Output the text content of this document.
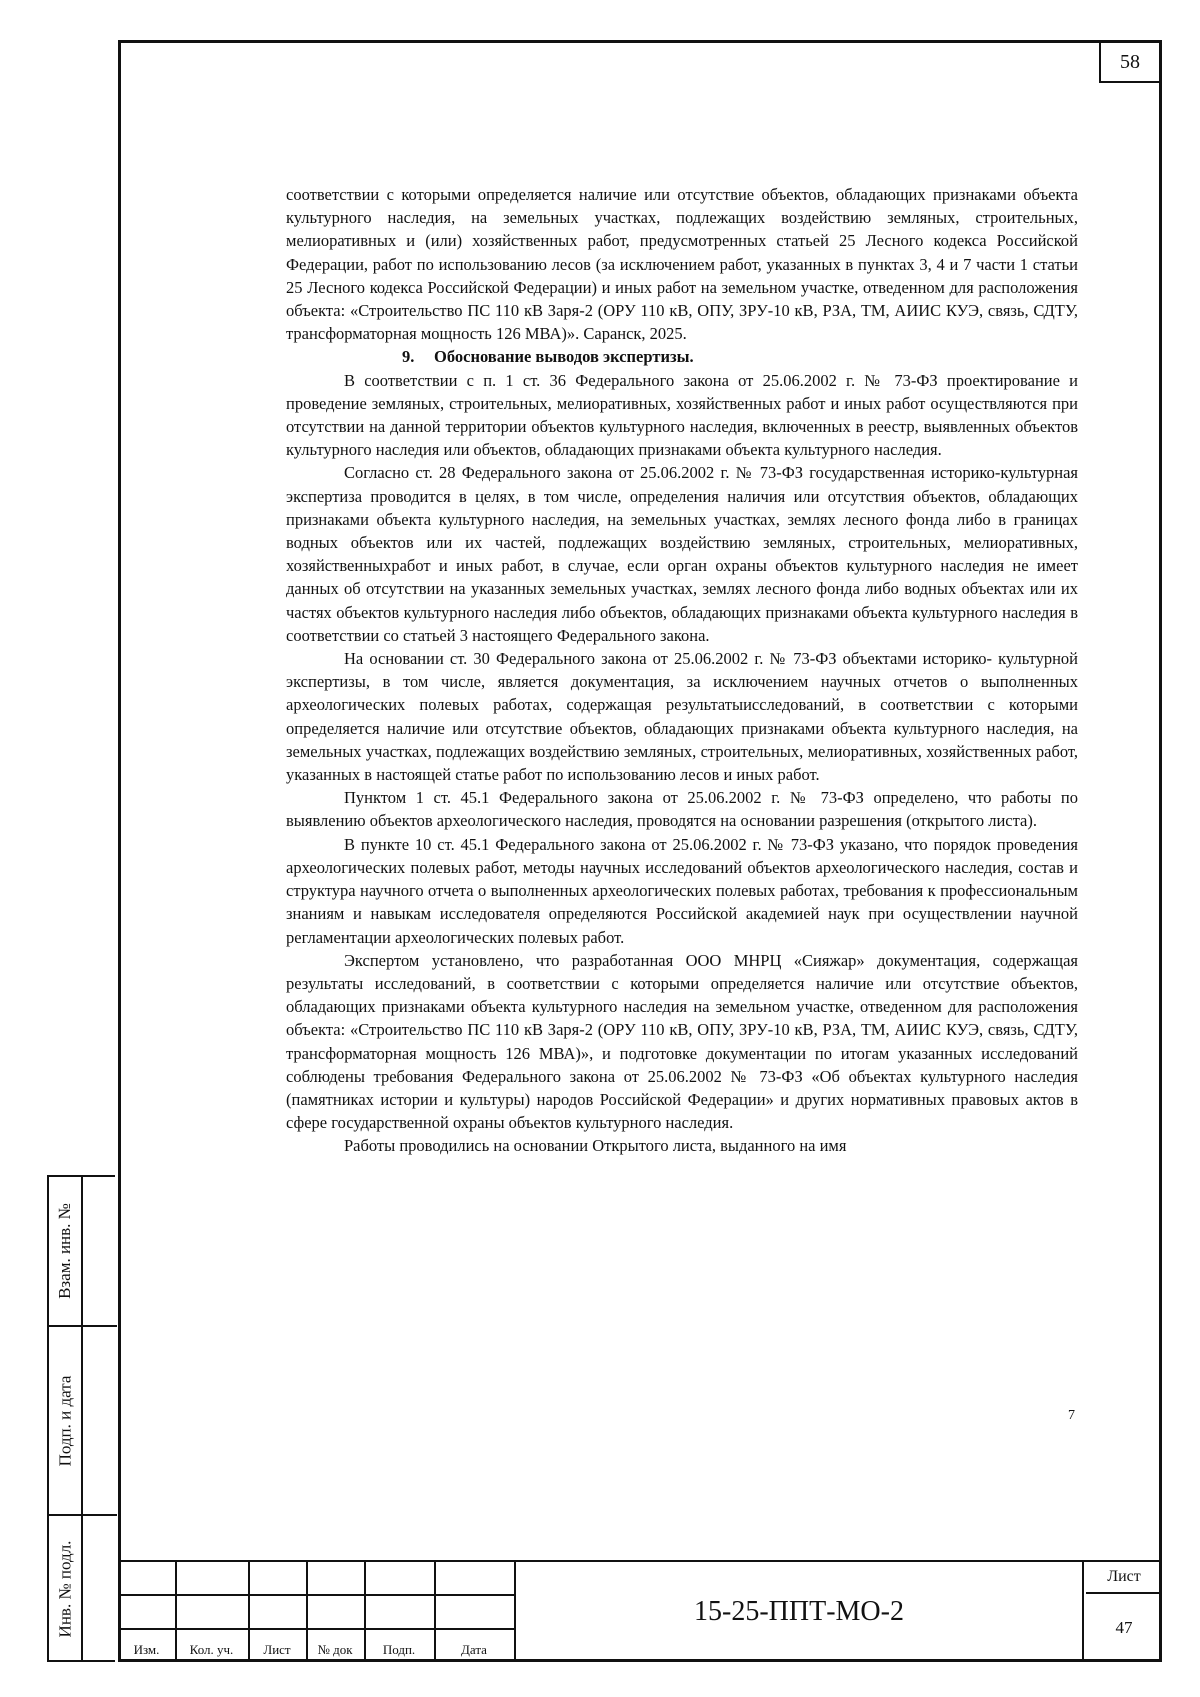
58

соответствии с которыми определяется наличие или отсутствие объектов, обладающих признаками объекта культурного наследия, на земельных участках, подлежащих воздействию земляных, строительных, мелиоративных и (или) хозяйственных работ, предусмотренных статьей 25 Лесного кодекса Российской Федерации, работ по использованию лесов (за исключением работ, указанных в пунктах 3, 4 и 7 части 1 статьи 25 Лесного кодекса Российской Федерации) и иных работ на земельном участке, отведенном для расположения объекта: «Строительство ПС 110 кВ Заря-2 (ОРУ 110 кВ, ОПУ, ЗРУ-10 кВ, РЗА, ТМ, АИИС КУЭ, связь, СДТУ, трансформаторная мощность 126 МВА)». Саранск, 2025.

9. Обоснование выводов экспертизы.

В соответствии с п. 1 ст. 36 Федерального закона от 25.06.2002 г. № 73-ФЗ проектирование и проведение земляных, строительных, мелиоративных, хозяйственных работ и иных работ осуществляются при отсутствии на данной территории объектов культурного наследия, включенных в реестр, выявленных объектов культурного наследия или объектов, обладающих признаками объекта культурного наследия.

Согласно ст. 28 Федерального закона от 25.06.2002 г. № 73-ФЗ государственная историко-культурная экспертиза проводится в целях, в том числе, определения наличия или отсутствия объектов, обладающих признаками объекта культурного наследия, на земельных участках, землях лесного фонда либо в границах водных объектов или их частей, подлежащих воздействию земляных, строительных, мелиоративных, хозяйственныхработ и иных работ, в случае, если орган охраны объектов культурного наследия не имеет данных об отсутствии на указанных земельных участках, землях лесного фонда либо водных объектах или их частях объектов культурного наследия либо объектов, обладающих признаками объекта культурного наследия в соответствии со статьей 3 настоящего Федерального закона.

На основании ст. 30 Федерального закона от 25.06.2002 г. № 73-ФЗ объектами историко- культурной экспертизы, в том числе, является документация, за исключением научных отчетов о выполненных археологических полевых работах, содержащая результатыисследований, в соответствии с которыми определяется наличие или отсутствие объектов, обладающих признаками объекта культурного наследия, на земельных участках, подлежащих воздействию земляных, строительных, мелиоративных, хозяйственных работ, указанных в настоящей статье работ по использованию лесов и иных работ.

Пунктом 1 ст. 45.1 Федерального закона от 25.06.2002 г. № 73-ФЗ определено, что работы по выявлению объектов археологического наследия, проводятся на основании разрешения (открытого листа).

В пункте 10 ст. 45.1 Федерального закона от 25.06.2002 г. № 73-ФЗ указано, что порядок проведения археологических полевых работ, методы научных исследований объектов археологического наследия, состав и структура научного отчета о выполненных археологических полевых работах, требования к профессиональным знаниям и навыкам исследователя определяются Российской академией наук при осуществлении научной регламентации археологических полевых работ.

Экспертом установлено, что разработанная ООО МНРЦ «Сияжар» документация, содержащая результаты исследований, в соответствии с которыми определяется наличие или отсутствие объектов, обладающих признаками объекта культурного наследия на земельном участке, отведенном для расположения объекта: «Строительство ПС 110 кВ Заря-2 (ОРУ 110 кВ, ОПУ, ЗРУ-10 кВ, РЗА, ТМ, АИИС КУЭ, связь, СДТУ, трансформаторная мощность 126 МВА)», и подготовке документации по итогам указанных исследований соблюдены требования Федерального закона от 25.06.2002 № 73-ФЗ «Об объектах культурного наследия (памятниках истории и культуры) народов Российской Федерации» и других нормативных правовых актов в сфере государственной охраны объектов культурного наследия.

Работы проводились на основании Открытого листа, выданного на имя

7
Взам. инв. №
Подп. и дата
Инв. № подл.
Изм.	Кол. уч.	Лист	№ док	Подп.	Дата
15-25-ППТ-МО-2
Лист
47
